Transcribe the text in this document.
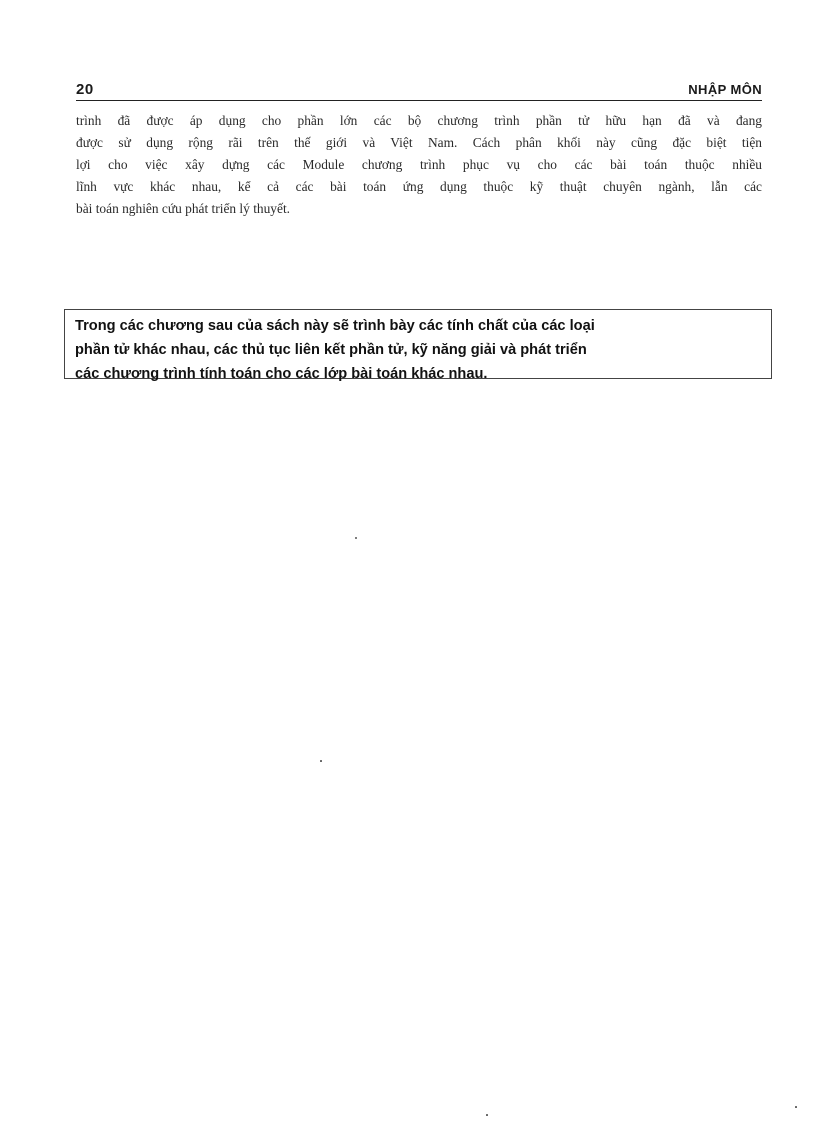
20	NHẬP MÔN

trình đã được áp dụng cho phần lớn các bộ chương trình phần tử hữu hạn đã và đang
được sử dụng rộng rãi trên thế giới và Việt Nam. Cách phân khối này cũng đặc biệt tiện
lợi cho việc xây dựng các Module chương trình phục vụ cho các bài toán thuộc nhiều
lĩnh vực khác nhau, kể cả các bài toán ứng dụng thuộc kỹ thuật chuyên ngành, lẫn các
bài toán nghiên cứu phát triển lý thuyết.

Trong các chương sau của sách này sẽ trình bày các tính chất của các loại
phần tử khác nhau, các thủ tục liên kết phần tử, kỹ năng giải và phát triển
các chương trình tính toán cho các lớp bài toán khác nhau.
